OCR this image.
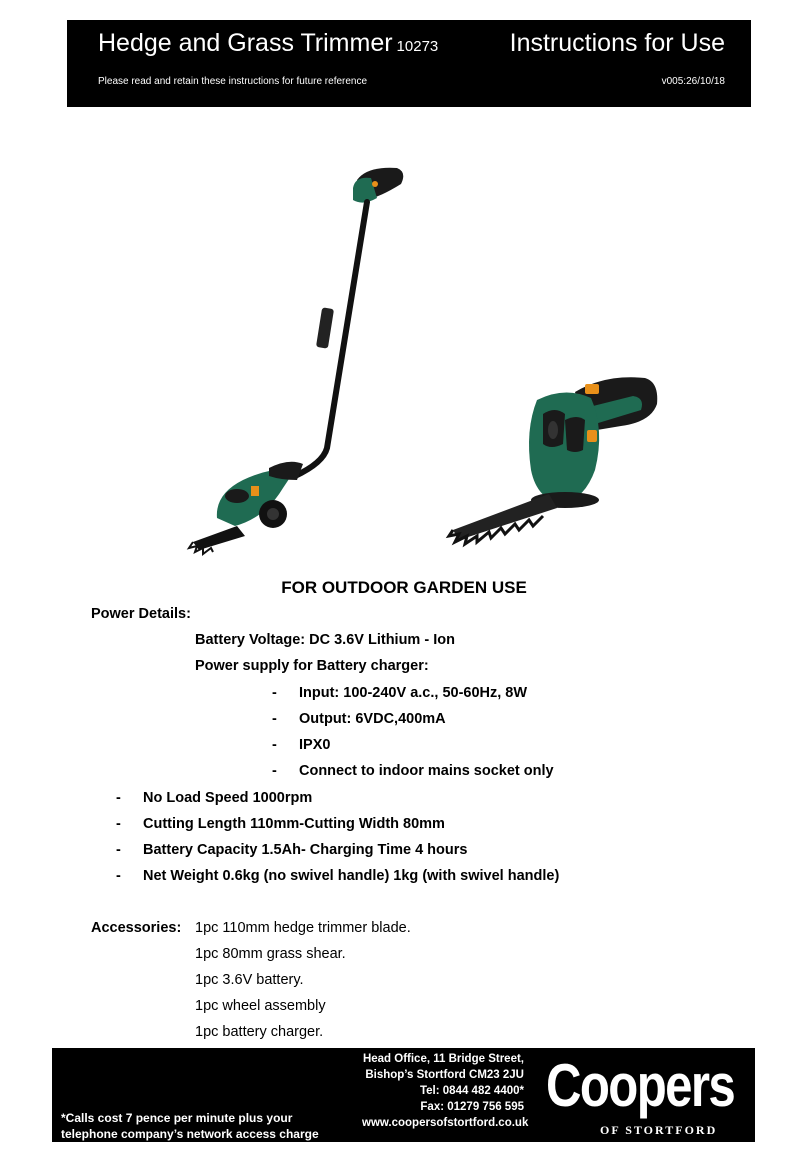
Hedge and Grass Trimmer 10273	Instructions for Use
Please read and retain these instructions for future reference	v005:26/10/18
FOR OUTDOOR GARDEN USE
Power Details:
Battery Voltage: DC 3.6V Lithium - Ion
Power supply for Battery charger:
- Input: 100-240V a.c., 50-60Hz, 8W
- Output: 6VDC,400mA
- IPX0
- Connect to indoor mains socket only
- No Load Speed 1000rpm
- Cutting Length 110mm-Cutting Width 80mm
- Battery Capacity 1.5Ah- Charging Time 4 hours
- Net Weight 0.6kg (no swivel handle) 1kg (with swivel handle)
Accessories: 1pc 110mm hedge trimmer blade.
1pc 80mm grass shear.
1pc 3.6V battery.
1pc wheel assembly
1pc battery charger.
*Calls cost 7 pence per minute plus your
telephone company’s network access charge
Head Office, 11 Bridge Street,
Bishop’s Stortford CM23 2JU
Tel: 0844 482 4400*
Fax: 01279 756 595
www.coopersofstortford.co.uk
Coopers
OF STORTFORD
